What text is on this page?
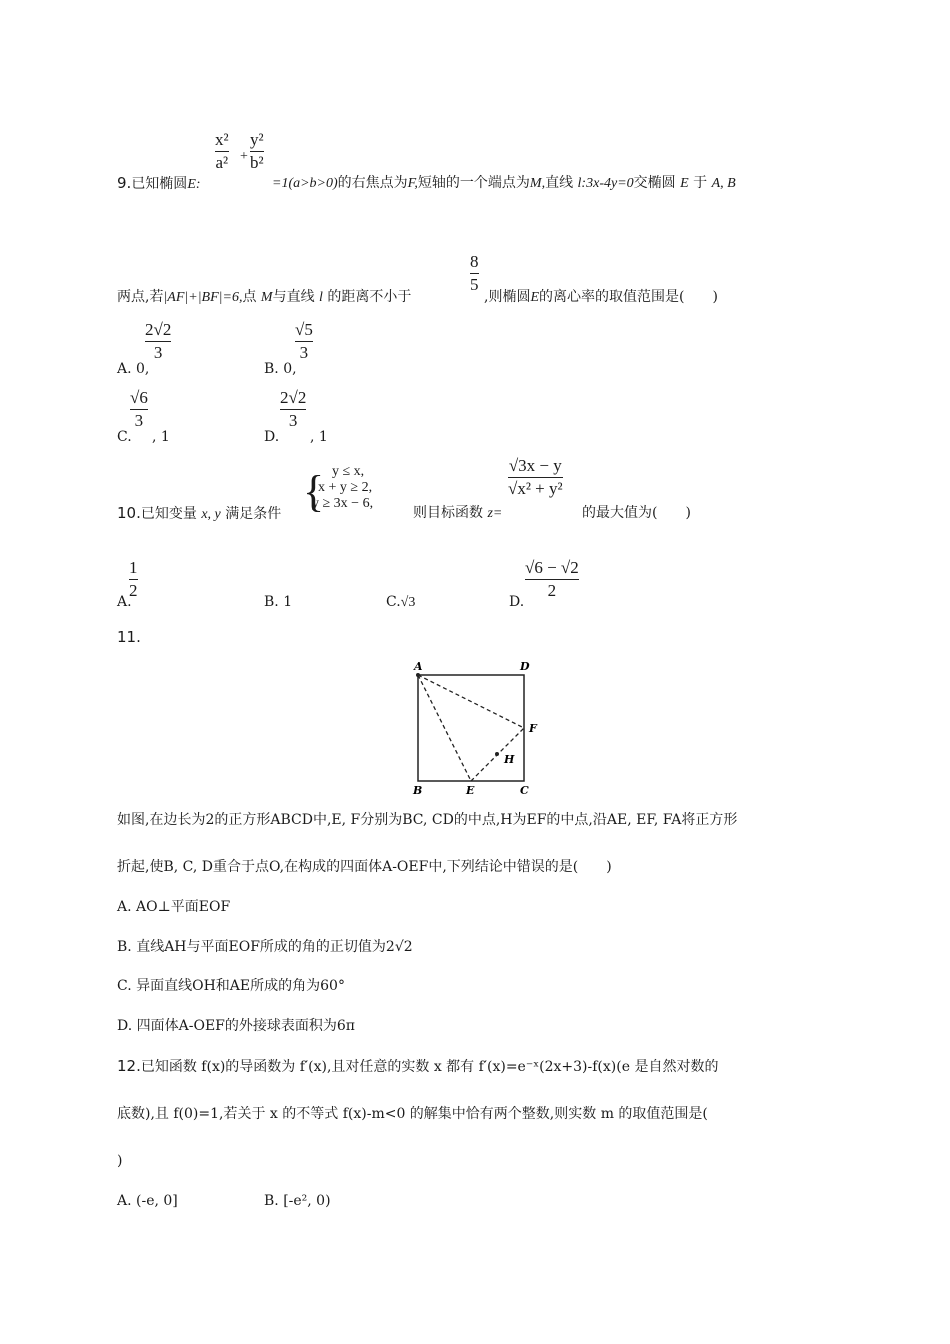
9.已知椭圆E:
x²
a² +
y²
b²
=1(a>b>0)的右焦点为F,短轴的一个端点为M,直线 l:3x-4y=0交椭圆 E 于 A, B
8
5
两点,若|AF|+|BF|=6,点 M与直线 l 的距离不小于	,则椭圆E的离心率的取值范围是(　　)
A. 0,
2√2
3
B. 0,
√5
3
C.
√6
3
, 1	D.
2√2
3
, 1
10.已知变量 x, y 满足条件 { y ≤ x,
x + y ≥ 2,
y ≥ 3x − 6,
则目标函数 z=
√3x − y
√x² + y²
的最大值为(　　)
A.
1
2
B. 1	C.√3	D.
√6 − √2
2
11.
A	D
F
H
B	E	C
如图,在边长为2的正方形ABCD中,E, F分别为BC, CD的中点,H为EF的中点,沿AE, EF, FA将正方形
折起,使B, C, D重合于点O,在构成的四面体A-OEF中,下列结论中错误的是(　　)
A. AO⊥平面EOF
B. 直线AH与平面EOF所成的角的正切值为2√2
C. 异面直线OH和AE所成的角为60°
D. 四面体A-OEF的外接球表面积为6π
12.已知函数 f(x)的导函数为 f′(x),且对任意的实数 x 都有 f′(x)=e⁻ˣ(2x+3)-f(x)(e 是自然对数的
底数),且 f(0)=1,若关于 x 的不等式 f(x)-m<0 的解集中恰有两个整数,则实数 m 的取值范围是(
)
A. (-e, 0]	B. [-e², 0)
